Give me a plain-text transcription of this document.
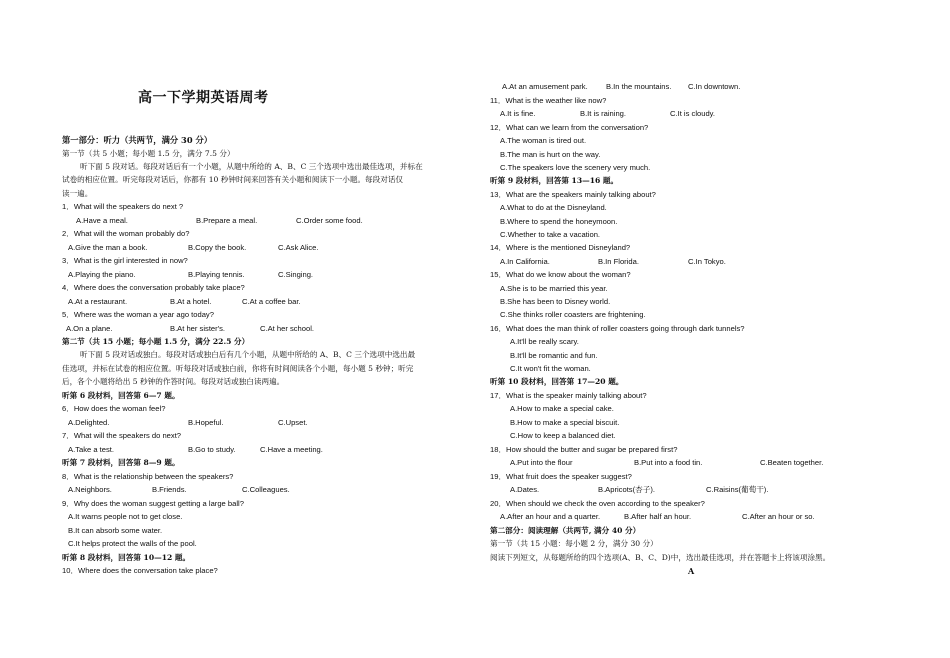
高一下学期英语周考
第一部分：听力（共两节，满分 30 分）
第一节（共 5 小题；每小题 1.5 分，满分 7.5 分）
听下面 5 段对话。每段对话后有一个小题，从题中所给的 A、B、C 三个选项中选出最佳选项，并标在
试卷的相应位置。听完每段对话后，你都有 10 秒钟时间来回答有关小题和阅读下一小题。每段对话仅
读一遍。
1．What will the speakers do next ?
A.Have a meal.	B.Prepare a meal.	C.Order some food.
2．What will the woman probably do?
A.Give the man a book.	B.Copy the book.	C.Ask Alice.
3．What is the girl interested in now?
A.Playing the piano.	B.Playing tennis.	C.Singing.
4．Where does the conversation probably take place?
A.At a restaurant.	B.At a hotel.	C.At a coffee bar.
5．Where was the woman a year ago today?
A.On a plane.	B.At her sister's.	C.At her school.
第二节（共 15 小题；每小题 1.5 分，满分 22.5 分）
听下面 5 段对话或独白。每段对话或独白后有几个小题，从题中所给的 A、B、C 三个选项中选出最
佳选项，并标在试卷的相应位置。听每段对话或独白前，你将有时间阅读各个小题，每小题 5 秒钟；听完
后，各个小题将给出 5 秒钟的作答时间。每段对话或独白读两遍。
听第 6 段材料，回答第 6—7 题。
6．How does the woman feel?
A.Delighted.	B.Hopeful.	C.Upset.
7．What will the speakers do next?
A.Take a test.	B.Go to study.	C.Have a meeting.
听第 7 段材料，回答第 8—9 题。
8．What is the relationship between the speakers?
A.Neighbors.	B.Friends.	C.Colleagues.
9．Why does the woman suggest getting a large ball?
A.It warns people not to get close.
B.It can absorb some water.
C.It helps protect the walls of the pool.
听第 8 段材料，回答第 10—12 题。
10．Where does the conversation take place?
A.At an amusement park. B.In the mountains. C.In downtown.
11．What is the weather like now?
A.It is fine.	B.It is raining.	C.It is cloudy.
12．What can we learn from the conversation?
A.The woman is tired out.
B.The man is hurt on the way.
C.The speakers love the scenery very much.
听第 9 段材料，回答第 13—16 题。
13．What are the speakers mainly talking about?
A.What to do at the Disneyland.
B.Where to spend the honeymoon.
C.Whether to take a vacation.
14．Where is the mentioned Disneyland?
A.In California.	B.In Florida.	C.In Tokyo.
15．What do we know about the woman?
A.She is to be married this year.
B.She has been to Disney world.
C.She thinks roller coasters are frightening.
16．What does the man think of roller coasters going through dark tunnels?
A.It'll be really scary.
B.It'll be romantic and fun.
C.It won't fit the woman.
听第 10 段材料，回答第 17—20 题。
17．What is the speaker mainly talking about?
A.How to make a special cake.
B.How to make a special biscuit.
C.How to keep a balanced diet.
18．How should the butter and sugar be prepared first?
A.Put into the flour	B.Put into a food tin.	C.Beaten together.
19．What fruit does the speaker suggest?
A.Dates.	B.Apricots(杏子).	C.Raisins(葡萄干).
20．When should we check the oven according to the speaker?
A.After an hour and a quarter.	B.After half an hour.	C.After an hour or so.
第二部分：阅读理解（共两节, 满分 40 分）
第一节（共 15 小题：每小题 2 分，满分 30 分）
阅读下列短文，从每题所给的四个选项(A、B、C、D)中，选出最佳选项，并在答题卡上将该项涂黑。
A
